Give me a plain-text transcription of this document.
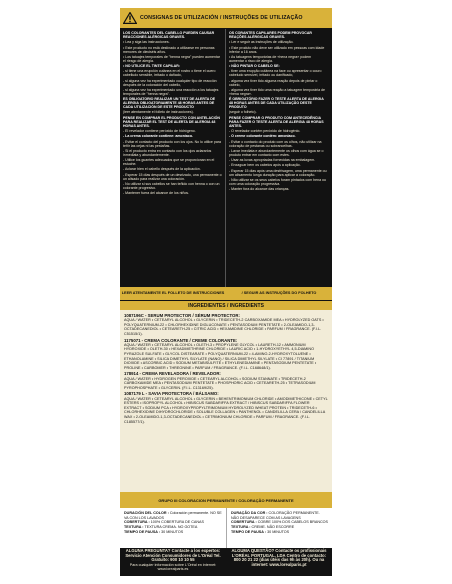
CONSIGNAS DE UTILIZACIÓN / INSTRUÇÕES DE UTILIZAÇÃO

LOS COLORANTES DEL CABELLO PUEDEN CAUSAR REACCIONES ALÉRGICAS GRAVES.

• Lea y siga las instrucciones.

• Este producto no está destinado a utilizarse en personas menores de dieciséis años.

• Los tatuajes temporales de "henna negra" pueden aumentar el riesgo de alergia.

• NO UTILICE EL TINTE CAPILAR:

- si tiene una erupción cutánea en el rostro o tiene el cuero cabelludo sensible, irritado o dañado,

- si alguna vez ha experimentado cualquier tipo de reacción después de la coloración del cabello,

- si alguna vez ha experimentado una reacción a los tatuajes temporales de "henna negra".

ES OBLIGATORIO REALIZAR UN TEST DE ALERTA DE ALERGIA OBLIGATORIAMENTE 48 HORAS ANTES DE CADA UTILIZACIÓN DE ESTE PRODUCTO

(leer atentamente el folleto de instrucciones).

PENSE EN COMPRAR EL PRODUCTO CON ANTELACIÓN PARA REALIZAR EL TEST DE ALERTA DE ALERGIA 48 HORAS ANTES.

- El revelador contiene peróxido de hidrógeno.

- La crema colorante contiene: amoníaco.

- Evitar el contacto del producto con los ojos. No lo utilice para teñir las cejas ni las pestañas.

- Si el producto entra en contacto con los ojos aclararlos inmediata y abundantemente.

- Utilice los guantes adecuados que se proporcionan en el estuche.

- Aclarar bien el cabello después de la aplicación.

- Esperar 15 días después de un desrizado, una permanente o un alisado para realizar una coloración.

- No utilizar si sus cabellos se han teñido con henna o con un colorante progresivo.

- Mantener fuera del alcance de los niños.

OS CORANTES CAPILARES PODEM PROVOCAR REAÇÕES ALÉRGICAS GRAVES.

• Ler e seguir as instruções de utilização.

• Este produto não deve ser utilizado em pessoas com idade inferior a 16 anos.

• As tatuagens temporárias de «hena negra» podem aumentar o risco de alergia.

• NÃO PINTAR O CABELO SE:

- tiver uma erupção cutânea na face ou apresentar o couro cabeludo sensível, irritado ou danificado,

- alguma vez tiver tido alguma reação depois de pintar o cabelo,

- alguma vez tiver tido uma reação a tatuagem temporária de «hena negra».

É OBRIGATÓRIO FAZER O TESTE ALERTA DE ALERGIA 48 HORAS ANTES DE CADA UTILIZAÇÃO DESTE PRODUTO

(seguir o folheto).

PENSE COMPRAR O PRODUTO COM ANTECEDÊNCIA PARA FAZER O TESTE ALERTA DE ALERGIA 48 HORAS ANTES.

- O revelador contém peróxido de hidrogénio.

- O creme colorante contém: amoníaco.

- Evitar o contacto do produto com os olhos, não utilizar na coloração de pestanas ou sobrancelhas.

- Lavar imediata e abundantemente os olhos com água se o produto entrar em contacto com estes.

- Usar as luvas apropriadas fornecidas na embalagem.

- Enxaguar bem os cabelos após a aplicação.

- Esperar 15 dias após uma desfrisagem, uma permanente ou um alisamento longa duração para aplicar a coloração.

- Não utilizar se os seus cabelos foram pintados com hena ou com uma coloração progressiva.

- Manter fora do alcance das crianças.

LEER ATENTAMENTE EL FOLLETO DE INSTRUCCIONES	/ SEGUIR AS INSTRUÇÕES DO FOLHETO
INGREDIENTES / INGREDIENTS
1087196C - SERUM PROTECTOR / SÉRUM PROTECTOR:

AQUA / WATER • CETEARYL ALCOHOL • GLYCERIN • TRIDECETH-2 CARBOXAMIDE MEA • HYDROLYZED OATS • POLYQUATERNIUM-22 • CHLORHEXIDINE DIGLUCONATE • PENTASODIUM PENTETATE • 2-OLEAMIDO-1,3-OCTADECANEDIOL • CETEARETH-25 • CITRIC ACID • HEXAMIDINE CHLORIDE • PARFUM / FRAGRANCE. (F.I.L. C51515/1).

1175071 - CREMA COLORANTE / CREME COLORANTE:

AQUA / WATER • CETEARYL ALCOHOL • OLETH-3 • PROPYLENE GLYCOL • LAURETH-12 • AMMONIUM HYDROXIDE • OLETH-30 • HEXADIMETHRINE CHLORIDE • LAURIC ACID • 1-HYDROXYETHYL 4,5-DIAMINO PYRAZOLE SULFATE • GLYCOL DISTEARATE • POLYQUATERNIUM-22 • 4-AMINO-2-HYDROXYTOLUENE • ETHANOLAMINE • SILICA DIMETHYL SILYLATE (NANO) / SILICA DIMETHYL SILYLATE • CI 77891 / TITANIUM DIOXIDE • ASCORBIC ACID • SODIUM METABISULFITE • ETHYLENEDIAMINE • PENTASODIUM PENTETATE • PROLINE • CARBOMER • THREONINE • PARFUM / FRAGRANCE. (F.I.L. C168648/1).

178914 - CREMA REVELADORA / REVELADOR:

AQUA / WATER • HYDROGEN PEROXIDE • CETEARYL ALCOHOL • SODIUM STANNATE • TRIDECETH-2 CARBOXAMIDE MEA • PENTASODIUM PENTETATE • PHOSPHORIC ACID • CETEARETH-25 • TETRASODIUM PYROPHOSPHATE • GLYCERIN. (F.I.L. C13169/25).

1087179 L - SAVIA PROTECTORA / BÁLSAMO:

AQUA / WATER • CETEARYL ALCOHOL • GLYCERIN • BEHENTRIMONIUM CHLORIDE • AMODIMETHICONE • CETYL ESTERS • ISOPROPYL ALCOHOL • HIBISCUS SABDARIFFA EXTRACT / HIBISCUS SABDARIFFA FLOWER EXTRACT • SODIUM PCA • HYDROXYPROPYLTRIMONIUM HYDROLYZED WHEAT PROTEIN • TRIDECETH-6 • CHLORHEXIDINE DIHYDROCHLORIDE • SOLUBLE COLLAGEN • PANTHENOL • CANDELILLA CERA / CANDELILLA WAX • 2-OLEAMIDO-1,3-OCTADECANEDIOL • CETRIMONIUM CHLORIDE • PARFUM / FRAGRANCE. (F.I.L. C185577/1).

GRUPO III COLORACION PERMANENTE
/ COLORAÇÃO PERMANENTE

DURACIÓN DEL COLOR : Coloración permanente. NO SE VA CON LOS LAVADOS

COBERTURA : 100% COBERTURA DE CANAS

TEXTURA : TEXTURA CREMA. NO GOTEA

TIEMPO DE PAUSA : 30 MINUTOS

DURAÇÃO DA COR : COLORAÇÃO PERMANENTE. NÃO DESAPARECE COM AS LAVAGENS

COBERTURA : COBRE 100% DOS CABELOS BRANCOS

TEXTURA : CREME. NÃO ESCORRE

TEMPO DE PAUSA : 30 MINUTOS

ALGUNA PREGUNTA? Contacte a los expertos: Servicio Atención Consumidores de L'Oréal Tel. Gratuito: 900 10 10 55

Para cualquier información sobre L'Oréal en internet: www.lorealparis.es

ALGUMA QUESTÃO? Contacte os profissionais L'ORÉAL PORTUGAL, LDA Centro de contacto: 800 20 21 22 (dias úteis das 9h às 20h). Ou na internet: www.lorealparis.pt
